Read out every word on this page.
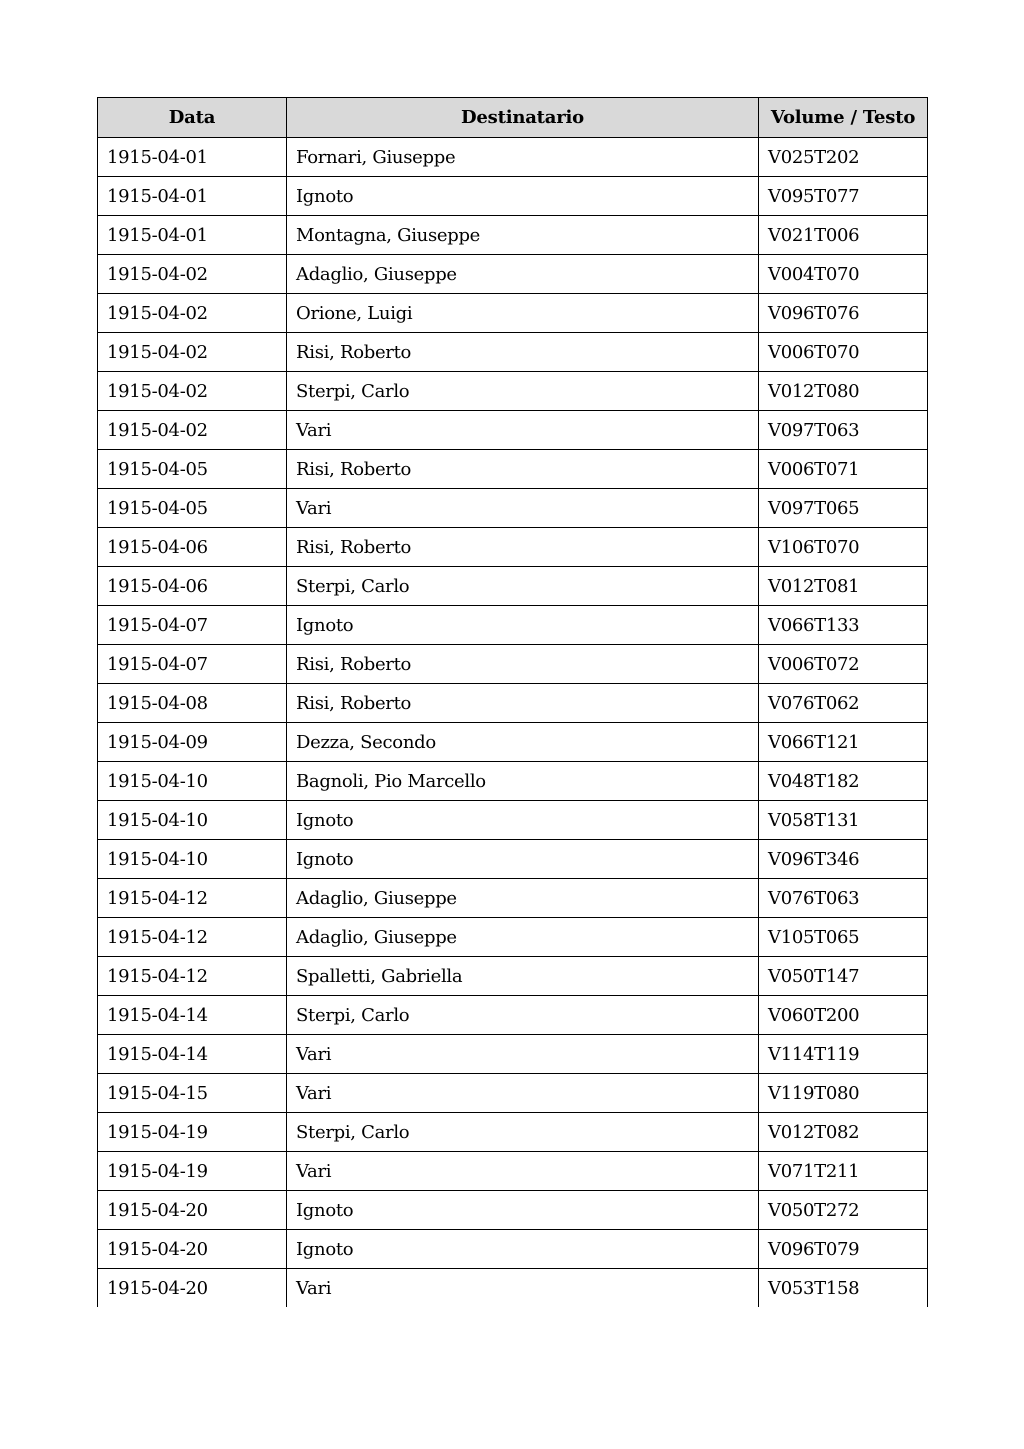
Data	Destinatario	Volume / Testo
1915-04-01	Fornari, Giuseppe	V025T202
1915-04-01	Ignoto	V095T077
1915-04-01	Montagna, Giuseppe	V021T006
1915-04-02	Adaglio, Giuseppe	V004T070
1915-04-02	Orione, Luigi	V096T076
1915-04-02	Risi, Roberto	V006T070
1915-04-02	Sterpi, Carlo	V012T080
1915-04-02	Vari	V097T063
1915-04-05	Risi, Roberto	V006T071
1915-04-05	Vari	V097T065
1915-04-06	Risi, Roberto	V106T070
1915-04-06	Sterpi, Carlo	V012T081
1915-04-07	Ignoto	V066T133
1915-04-07	Risi, Roberto	V006T072
1915-04-08	Risi, Roberto	V076T062
1915-04-09	Dezza, Secondo	V066T121
1915-04-10	Bagnoli, Pio Marcello	V048T182
1915-04-10	Ignoto	V058T131
1915-04-10	Ignoto	V096T346
1915-04-12	Adaglio, Giuseppe	V076T063
1915-04-12	Adaglio, Giuseppe	V105T065
1915-04-12	Spalletti, Gabriella	V050T147
1915-04-14	Sterpi, Carlo	V060T200
1915-04-14	Vari	V114T119
1915-04-15	Vari	V119T080
1915-04-19	Sterpi, Carlo	V012T082
1915-04-19	Vari	V071T211
1915-04-20	Ignoto	V050T272
1915-04-20	Ignoto	V096T079
1915-04-20	Vari	V053T158
